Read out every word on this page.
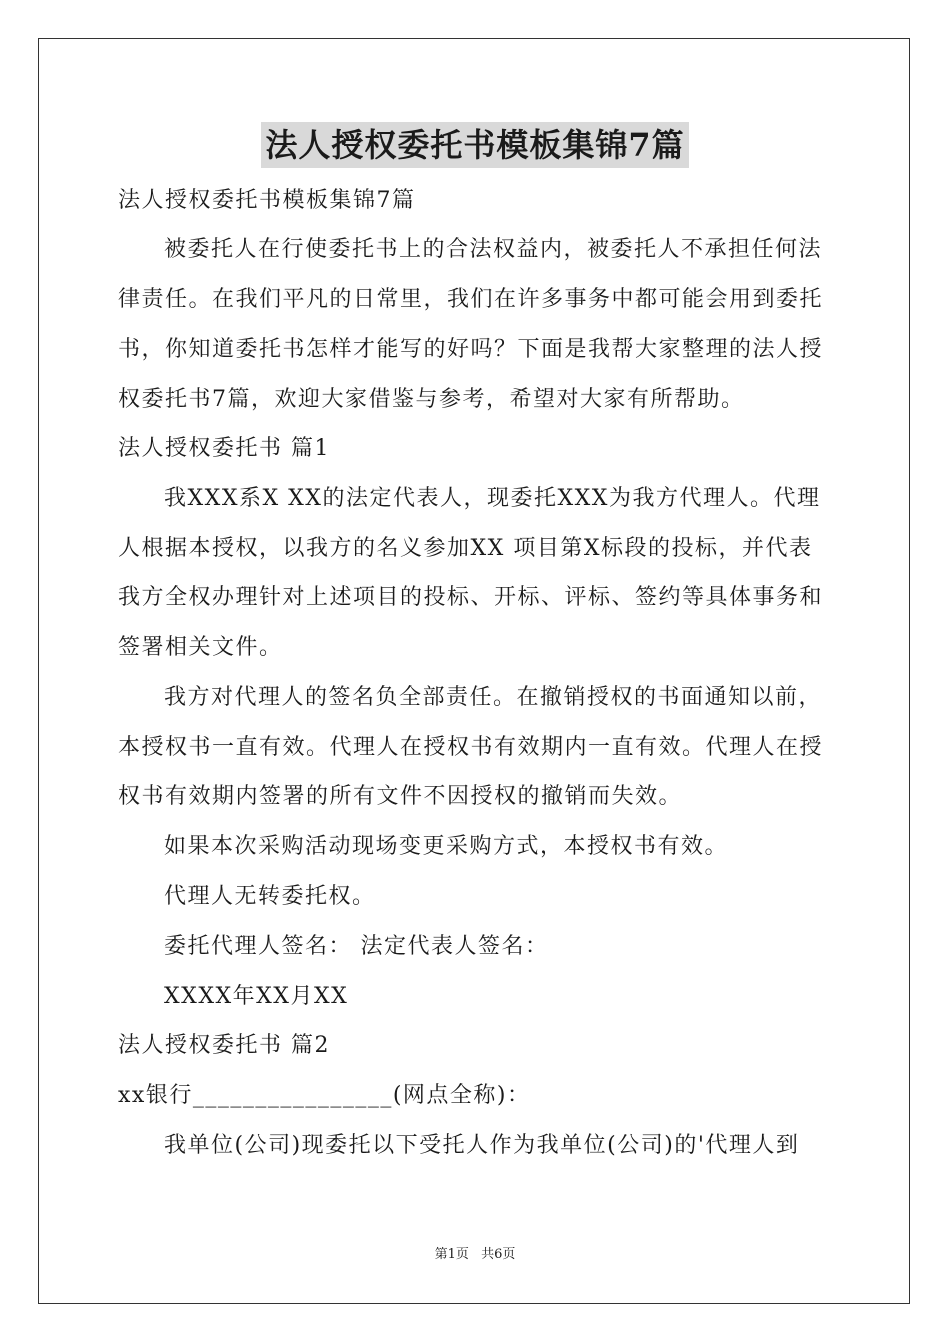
法人授权委托书模板集锦7篇
法人授权委托书模板集锦7篇
被委托人在行使委托书上的合法权益内，被委托人不承担任何法
律责任。在我们平凡的日常里，我们在许多事务中都可能会用到委托
书，你知道委托书怎样才能写的好吗？下面是我帮大家整理的法人授
权委托书7篇，欢迎大家借鉴与参考，希望对大家有所帮助。
法人授权委托书 篇1
我XXX系X XX的法定代表人，现委托XXX为我方代理人。代理
人根据本授权，以我方的名义参加XX 项目第X标段的投标，并代表
我方全权办理针对上述项目的投标、开标、评标、签约等具体事务和
签署相关文件。
我方对代理人的签名负全部责任。在撤销授权的书面通知以前，
本授权书一直有效。代理人在授权书有效期内一直有效。代理人在授
权书有效期内签署的所有文件不因授权的撤销而失效。
如果本次采购活动现场变更采购方式，本授权书有效。
代理人无转委托权。
委托代理人签名： 法定代表人签名：
XXXX年XX月XX
法人授权委托书 篇2
xx银行________________(网点全称)：
我单位(公司)现委托以下受托人作为我单位(公司)的'代理人到
第1页 共6页
